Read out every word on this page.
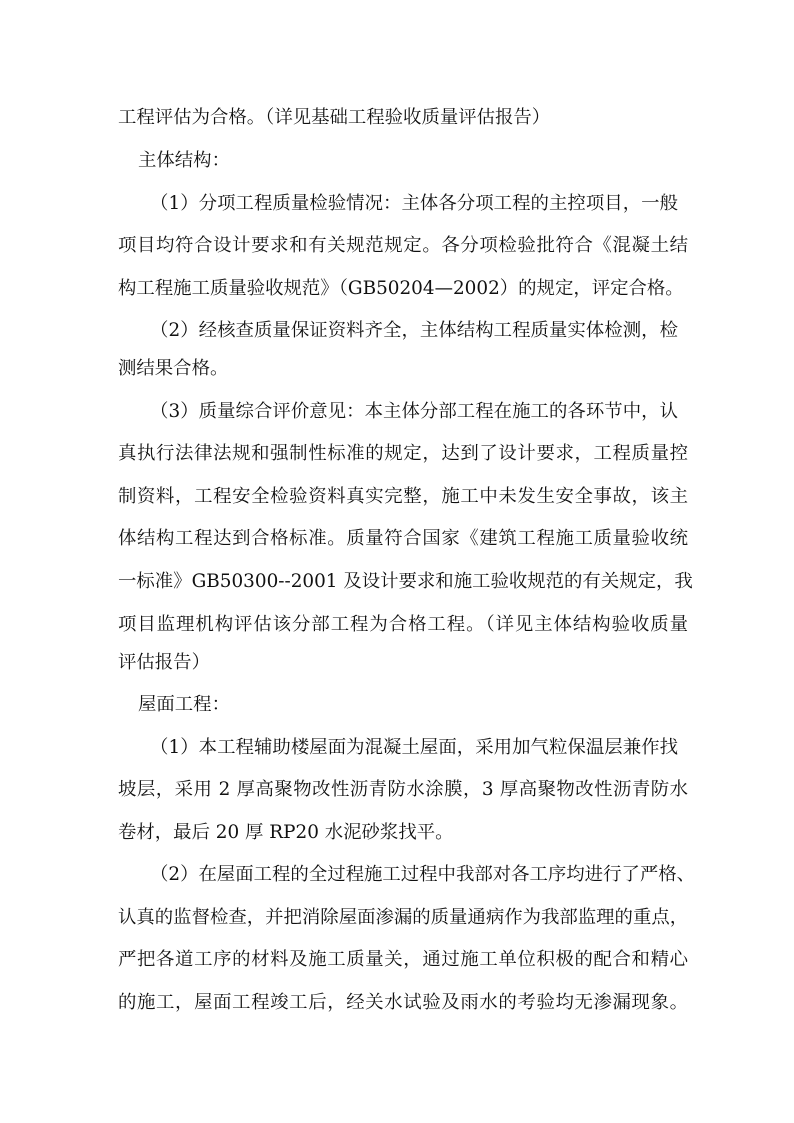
工程评估为合格。（详见基础工程验收质量评估报告）
主体结构：
（1）分项工程质量检验情况：主体各分项工程的主控项目，一般
项目均符合设计要求和有关规范规定。各分项检验批符合《混凝土结
构工程施工质量验收规范》（GB50204—2002）的规定，评定合格。
（2）经核查质量保证资料齐全，主体结构工程质量实体检测，检
测结果合格。
（3）质量综合评价意见：本主体分部工程在施工的各环节中，认
真执行法律法规和强制性标准的规定，达到了设计要求，工程质量控
制资料，工程安全检验资料真实完整，施工中未发生安全事故，该主
体结构工程达到合格标准。质量符合国家《建筑工程施工质量验收统
一标准》GB50300--2001 及设计要求和施工验收规范的有关规定，我
项目监理机构评估该分部工程为合格工程。（详见主体结构验收质量
评估报告）
屋面工程：
（1）本工程辅助楼屋面为混凝土屋面，采用加气粒保温层兼作找
坡层，采用 2 厚高聚物改性沥青防水涂膜，3 厚高聚物改性沥青防水
卷材，最后 20 厚 RP20 水泥砂浆找平。
（2）在屋面工程的全过程施工过程中我部对各工序均进行了严格、
认真的监督检查，并把消除屋面渗漏的质量通病作为我部监理的重点，
严把各道工序的材料及施工质量关，通过施工单位积极的配合和精心
的施工，屋面工程竣工后，经关水试验及雨水的考验均无渗漏现象。
